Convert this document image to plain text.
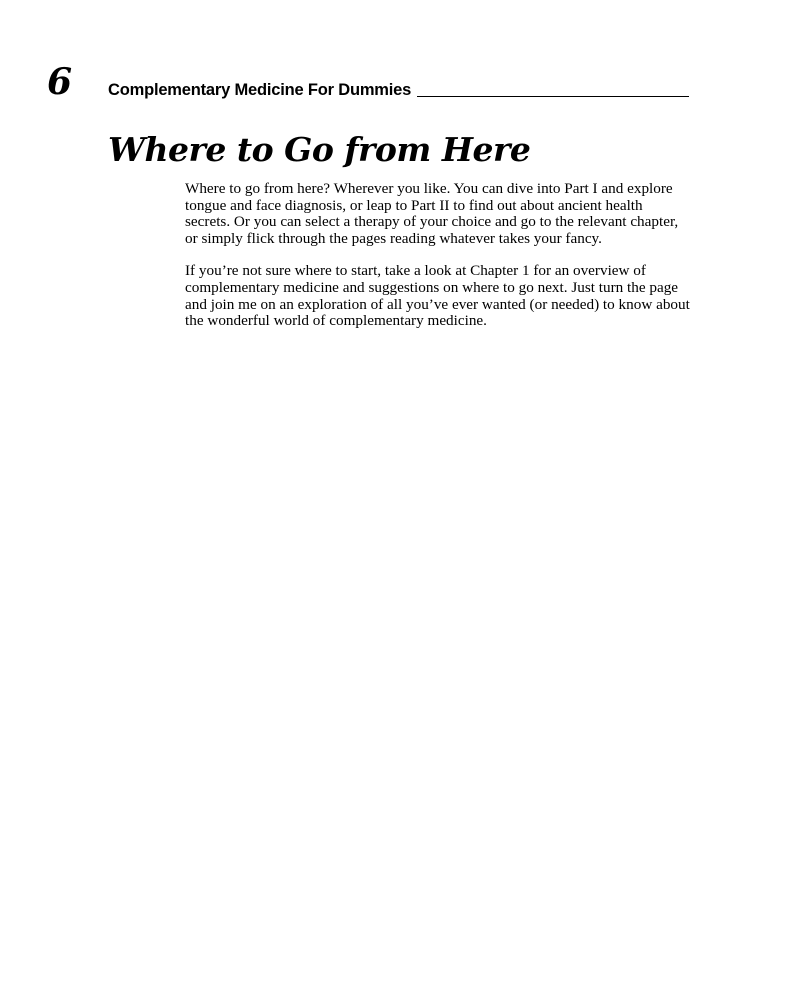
6 Complementary Medicine For Dummies
Where to Go from Here

Where to go from here? Wherever you like. You can dive into Part I and explore tongue and face diagnosis, or leap to Part II to find out about ancient health secrets. Or you can select a therapy of your choice and go to the relevant chapter, or simply flick through the pages reading whatever takes your fancy.

If you’re not sure where to start, take a look at Chapter 1 for an overview of complementary medicine and suggestions on where to go next. Just turn the page and join me on an exploration of all you’ve ever wanted (or needed) to know about the wonderful world of complementary medicine.
